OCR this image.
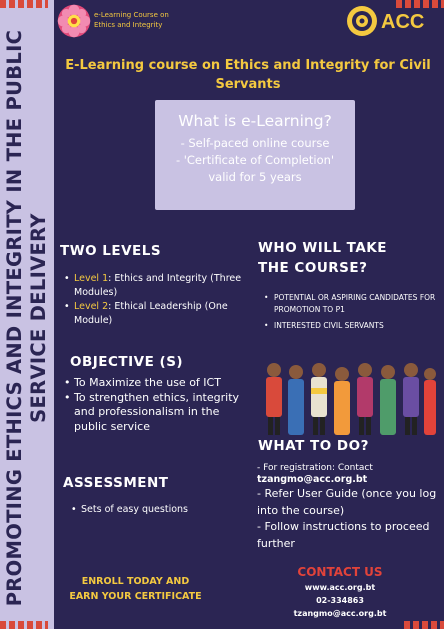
PROMOTING ETHICS AND INTEGRITY IN THE PUBLIC SERVICE DELIVERY
e-Learning Course on
Ethics and Integrity	ACC
E-Learning course on Ethics and Integrity for Civil
Servants
What is e-Learning?
- Self-paced online course
- 'Certificate of Completion'
valid for 5 years
TWO LEVELS
• Level 1: Ethics and Integrity (Three Modules)
• Level 2: Ethical Leadership (One Module)
WHO WILL TAKE
THE COURSE?
• POTENTIAL OR ASPIRING CANDIDATES FOR PROMOTION TO P1
• INTERESTED CIVIL SERVANTS
OBJECTIVE (S)
• To Maximize the use of ICT
• To strengthen ethics, integrity and professionalism in the public service
ASSESSMENT
• Sets of easy questions
WHAT TO DO?
- For registration: Contact
tzangmo@acc.org.bt
- Refer User Guide (once you log into the course)
- Follow instructions to proceed further
ENROLL TODAY AND
EARN YOUR CERTIFICATE
CONTACT US
www.acc.org.bt
02-334863
tzangmo@acc.org.bt
